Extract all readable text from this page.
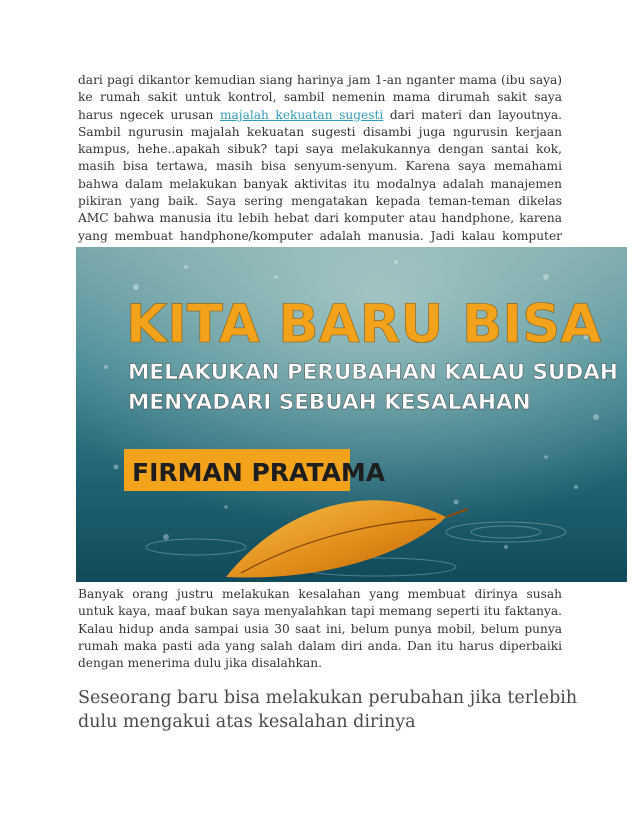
dari pagi dikantor kemudian siang harinya jam 1-an nganter mama (ibu saya) ke rumah sakit untuk kontrol, sambil nemenin mama dirumah sakit saya harus ngecek urusan majalah kekuatan sugesti dari materi dan layoutnya. Sambil ngurusin majalah kekuatan sugesti disambi juga ngurusin kerjaan kampus, hehe..apakah sibuk? tapi saya melakukannya dengan santai kok, masih bisa tertawa, masih bisa senyum-senyum. Karena saya memahami bahwa dalam melakukan banyak aktivitas itu modalnya adalah manajemen pikiran yang baik. Saya sering mengatakan kepada teman-teman dikelas AMC bahwa manusia itu lebih hebat dari komputer atau handphone, karena yang membuat handphone/komputer adalah manusia. Jadi kalau komputer

KITA BARU BISA
MELAKUKAN PERUBAHAN KALAU SUDAH
MENYADARI SEBUAH KESALAHAN
FIRMAN PRATAMA

Banyak orang justru melakukan kesalahan yang membuat dirinya susah untuk kaya, maaf bukan saya menyalahkan tapi memang seperti itu faktanya. Kalau hidup anda sampai usia 30 saat ini, belum punya mobil, belum punya rumah maka pasti ada yang salah dalam diri anda. Dan itu harus diperbaiki dengan menerima dulu jika disalahkan.

Seseorang baru bisa melakukan perubahan jika terlebih dulu mengakui atas kesalahan dirinya
